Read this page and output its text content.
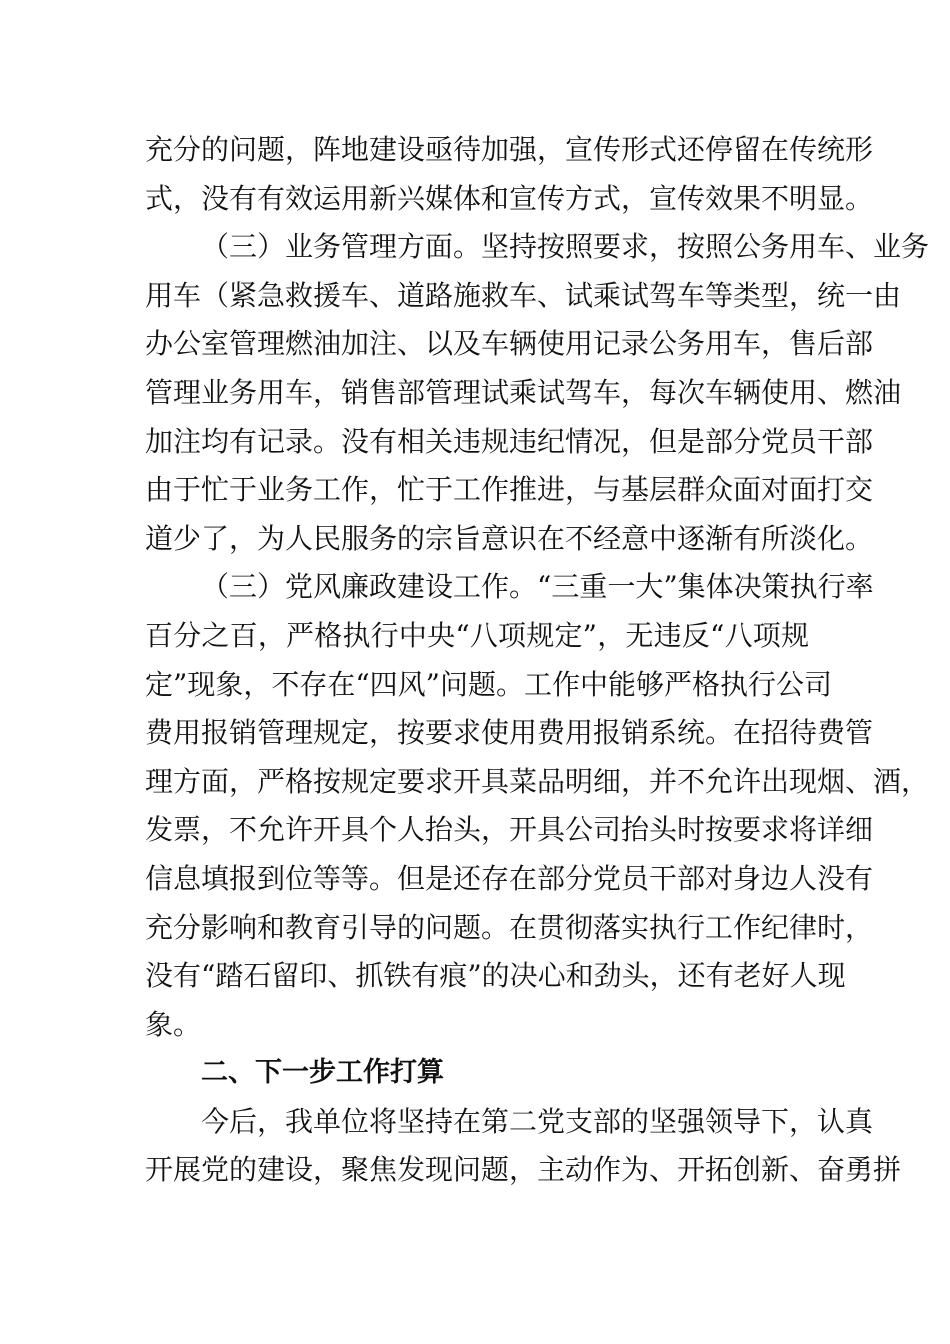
充分的问题，阵地建设亟待加强，宣传形式还停留在传统形
式，没有有效运用新兴媒体和宣传方式，宣传效果不明显。
（三）业务管理方面。坚持按照要求，按照公务用车、业务
用车（紧急救援车、道路施救车、试乘试驾车等类型，统一由
办公室管理燃油加注、以及车辆使用记录公务用车，售后部
管理业务用车，销售部管理试乘试驾车，每次车辆使用、燃油
加注均有记录。没有相关违规违纪情况，但是部分党员干部
由于忙于业务工作，忙于工作推进，与基层群众面对面打交
道少了，为人民服务的宗旨意识在不经意中逐渐有所淡化。
（三）党风廉政建设工作。“三重一大”集体决策执行率
百分之百，严格执行中央“八项规定”，无违反“八项规
定”现象，不存在“四风”问题。工作中能够严格执行公司
费用报销管理规定，按要求使用费用报销系统。在招待费管
理方面，严格按规定要求开具菜品明细，并不允许出现烟、酒，
发票，不允许开具个人抬头，开具公司抬头时按要求将详细
信息填报到位等等。但是还存在部分党员干部对身边人没有
充分影响和教育引导的问题。在贯彻落实执行工作纪律时，
没有“踏石留印、抓铁有痕”的决心和劲头，还有老好人现
象。
二、下一步工作打算
今后，我单位将坚持在第二党支部的坚强领导下，认真
开展党的建设，聚焦发现问题，主动作为、开拓创新、奋勇拼
